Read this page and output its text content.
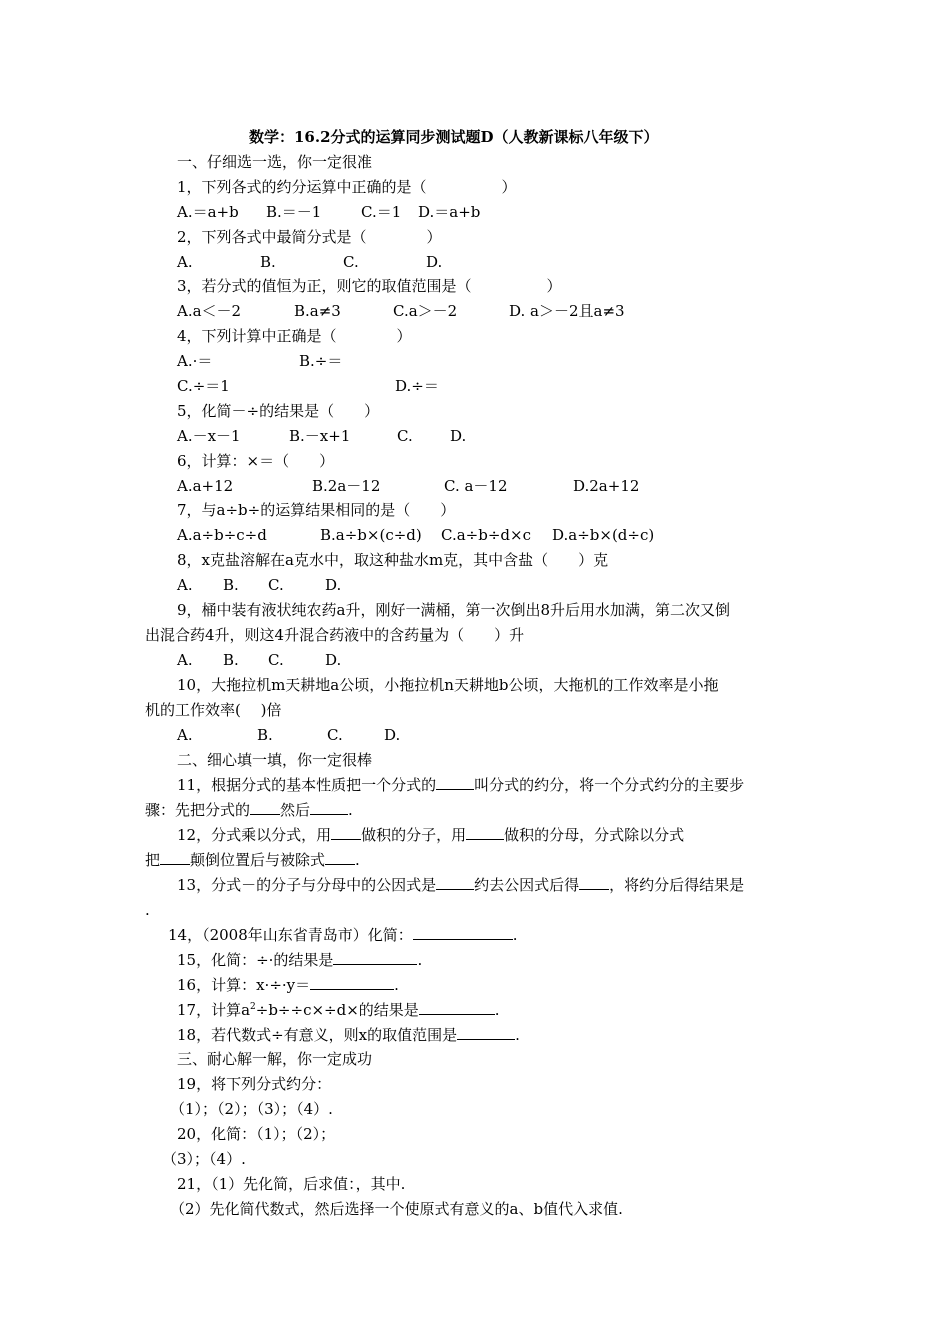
数学：16.2分式的运算同步测试题D（人教新课标八年级下）
一、仔细选一选，你一定很准
1，下列各式的约分运算中正确的是（　　　　　）
A.＝a+b B.＝－1	C.＝1 D.＝a+b
2，下列各式中最简分式是（　　　　）
A.	B.	C.	D.
3，若分式的值恒为正，则它的取值范围是（　　　　　）
A.a＜－2	B.a≠3	C.a＞－2	D. a＞－2且a≠3
4，下列计算中正确是（　　　　）
A.·＝	B.÷＝
C.÷＝1	D.÷＝
5，化简－÷的结果是（　　）
A.－x－1	B.－x+1	C. D.
6，计算：×＝（　　）
A.a+12	B.2a－12	C. a－12	D.2a+12
7，与a÷b÷的运算结果相同的是（　　）
A.a÷b÷c÷d	B.a÷b×(c÷d) C.a÷b÷d×c D.a÷b×(d÷c)
8，x克盐溶解在a克水中，取这种盐水m克，其中含盐（　　）克
A. B. C.	D.
9，桶中装有液状纯农药a升，刚好一满桶，第一次倒出8升后用水加满，第二次又倒
出混合药4升，则这4升混合药液中的含药量为（　　）升
A. B. C.	D.
10，大拖拉机m天耕地a公顷，小拖拉机n天耕地b公顷，大拖机的工作效率是小拖
机的工作效率(　 )倍
A.	B.	C.	D.
二、细心填一填，你一定很棒
11，根据分式的基本性质把一个分式的	叫分式的约分，将一个分式约分的主要步
骤：先把分式的 然后	.
12，分式乘以分式，用 做积的分子，用	做积的分母，分式除以分式
把 颠倒位置后与被除式 .
13，分式－的分子与分母中的公因式是	约去公因式后得 ，将约分后得结果是
.
14，（2008年山东省青岛市）化简：	.
15，化简：÷·的结果是	.
16，计算：x·÷·y＝	.
17，计算$a^2\div b\div\div c\times\div d\times$的结果是	.
18，若代数式÷有意义，则x的取值范围是	.
三、耐心解一解，你一定成功
19，将下列分式约分：
（1）；（2）；（3）；（4）.
20，化简：（1）；（2）；
（3）；（4）.
21，（1）先化简，后求值：，其中.
（2）先化简代数式，然后选择一个使原式有意义的a、b值代入求值.
